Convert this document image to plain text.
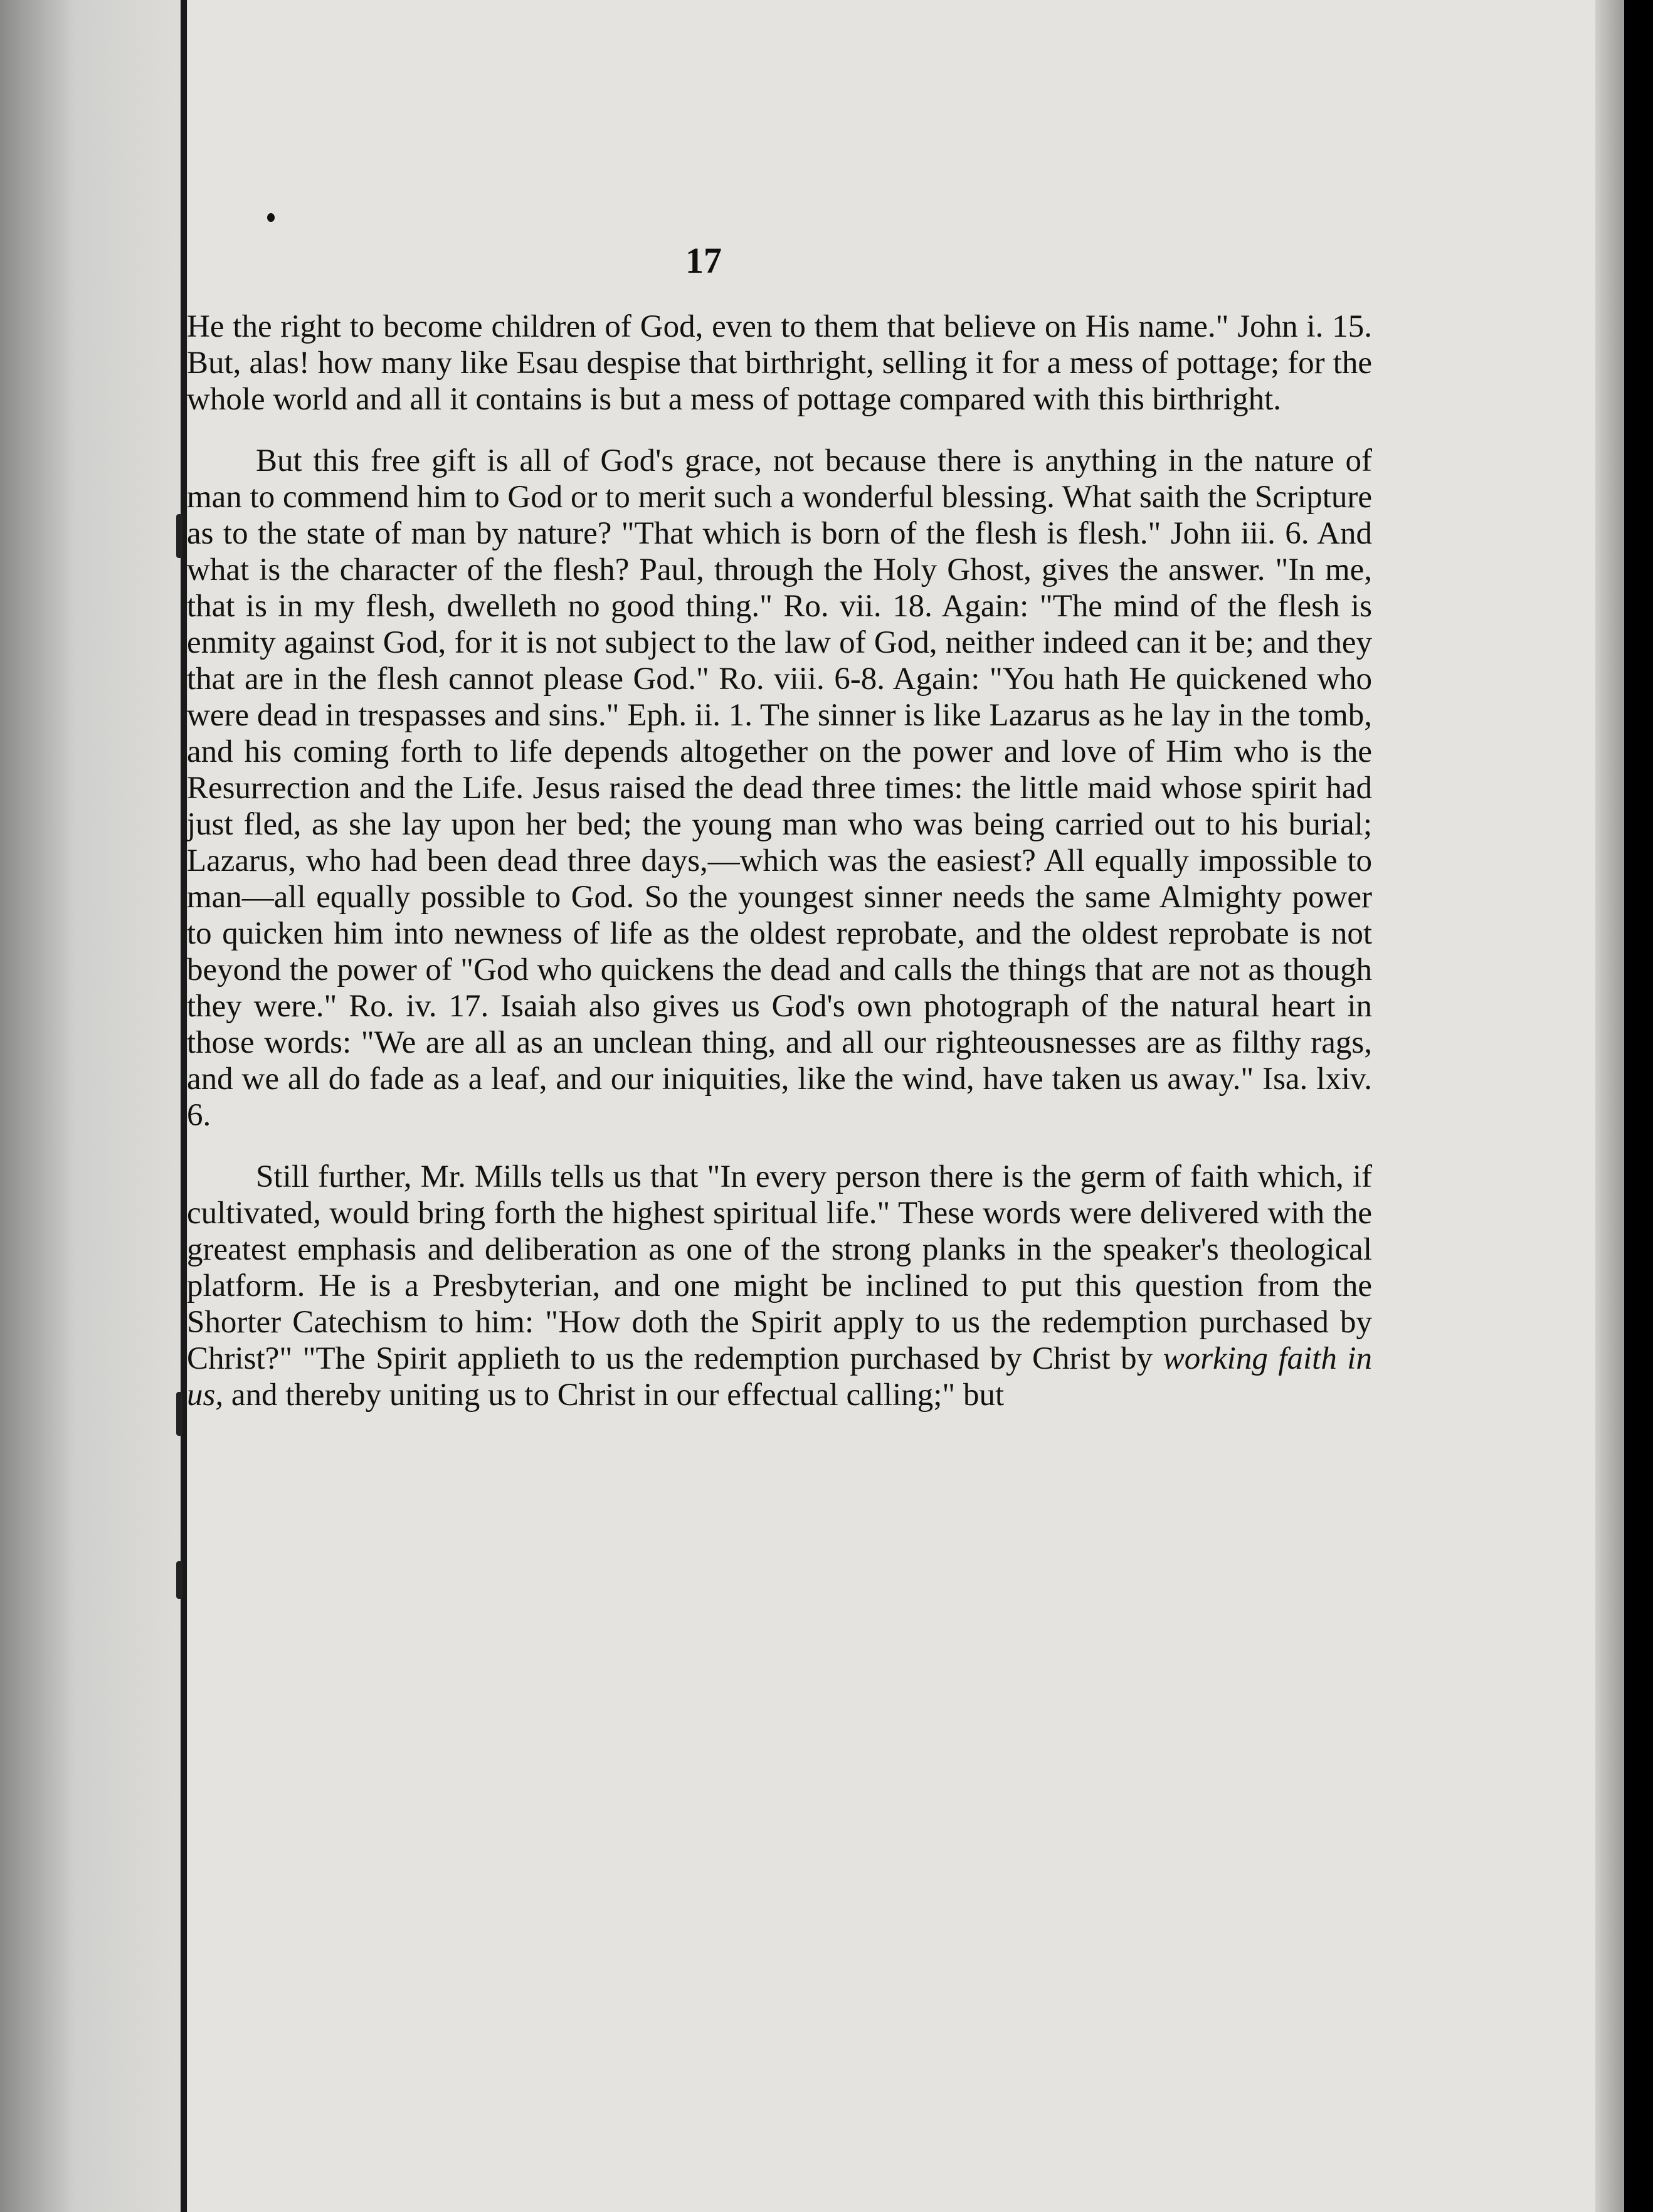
17

He the right to become children of God, even to them that believe on His name." John i. 15. But, alas! how many like Esau despise that birthright, selling it for a mess of pottage; for the whole world and all it contains is but a mess of pottage compared with this birthright.

But this free gift is all of God's grace, not because there is anything in the nature of man to commend him to God or to merit such a wonderful blessing. What saith the Scripture as to the state of man by nature? "That which is born of the flesh is flesh." John iii. 6. And what is the character of the flesh? Paul, through the Holy Ghost, gives the answer. "In me, that is in my flesh, dwelleth no good thing." Ro. vii. 18. Again: "The mind of the flesh is enmity against God, for it is not subject to the law of God, neither indeed can it be; and they that are in the flesh cannot please God." Ro. viii. 6-8. Again: "You hath He quickened who were dead in trespasses and sins." Eph. ii. 1. The sinner is like Lazarus as he lay in the tomb, and his coming forth to life depends altogether on the power and love of Him who is the Resurrection and the Life. Jesus raised the dead three times: the little maid whose spirit had just fled, as she lay upon her bed; the young man who was being carried out to his burial; Lazarus, who had been dead three days,—which was the easiest? All equally impossible to man—all equally possible to God. So the youngest sinner needs the same Almighty power to quicken him into newness of life as the oldest reprobate, and the oldest reprobate is not beyond the power of "God who quickens the dead and calls the things that are not as though they were." Ro. iv. 17. Isaiah also gives us God's own photograph of the natural heart in those words: "We are all as an unclean thing, and all our righteousnesses are as filthy rags, and we all do fade as a leaf, and our iniquities, like the wind, have taken us away." Isa. lxiv. 6.

Still further, Mr. Mills tells us that "In every person there is the germ of faith which, if cultivated, would bring forth the highest spiritual life." These words were delivered with the greatest emphasis and deliberation as one of the strong planks in the speaker's theological platform. He is a Presbyterian, and one might be inclined to put this question from the Shorter Catechism to him: "How doth the Spirit apply to us the redemption purchased by Christ?" "The Spirit applieth to us the redemption purchased by Christ by working faith in us, and thereby uniting us to Christ in our effectual calling;" but
